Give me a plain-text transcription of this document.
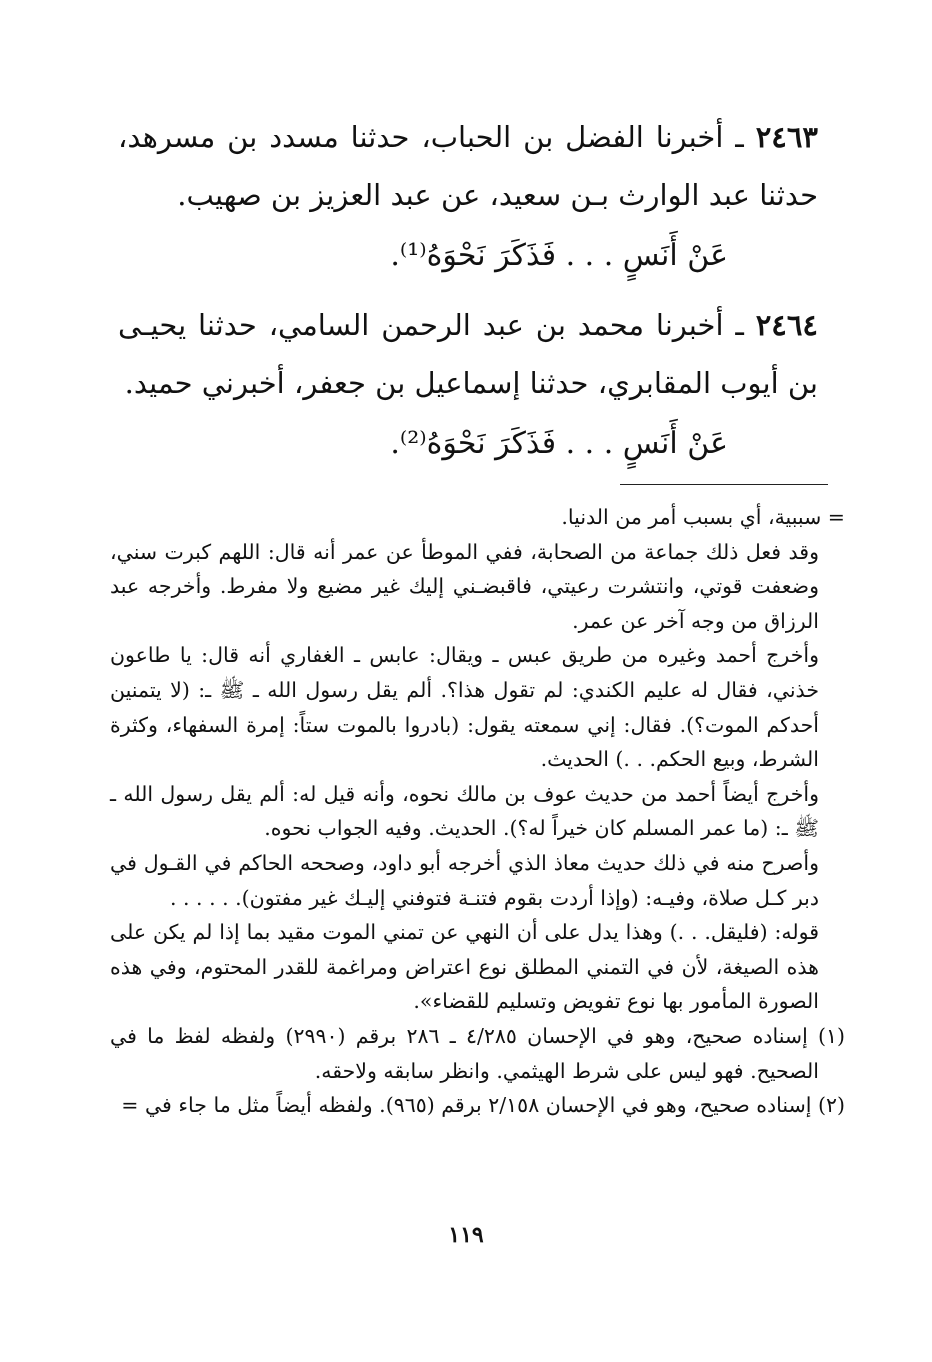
٢٤٦٣ ـ أخبرنا الفضل بن الحباب، حدثنا مسدد بن مسرهد، حدثنا عبد الوارث بـن سعيد، عن عبد العزيز بن صهيب.

عَنْ أَنَسٍ . . . فَذَكَرَ نَحْوَهُ⁽¹⁾.

٢٤٦٤ ـ أخبرنا محمد بن عبد الرحمن السامي، حدثنا يحيـى بن أيوب المقابري، حدثنا إسماعيل بن جعفر، أخبرني حميد.

عَنْ أَنَسٍ . . . فَذَكَرَ نَحْوَهُ⁽²⁾.

= سببية، أي بسبب أمر من الدنيا.

وقد فعل ذلك جماعة من الصحابة، ففي الموطأ عن عمر أنه قال: اللهم كبرت سني، وضعفت قوتي، وانتشرت رعيتي، فاقبضـني إليك غير مضيع ولا مفرط. وأخرجه عبد الرزاق من وجه آخر عن عمر.

وأخرج أحمد وغيره من طريق عبس ـ ويقال: عابس ـ الغفاري أنه قال: يا طاعون خذني، فقال له عليم الكندي: لم تقول هذا؟. ألم يقل رسول الله ـ ﷺ ـ: (لا يتمنين أحدكم الموت؟). فقال: إني سمعته يقول: (بادروا بالموت ستاً: إمرة السفهاء، وكثرة الشرط، وبيع الحكم. . .) الحديث.

وأخرج أيضاً أحمد من حديث عوف بن مالك نحوه، وأنه قيل له: ألم يقل رسول الله ـ ﷺ ـ: (ما عمر المسلم كان خيراً له؟). الحديث. وفيه الجواب نحوه.

وأصرح منه في ذلك حديث معاذ الذي أخرجه أبو داود، وصححه الحاكم في القـول في دبر كـل صلاة، وفيـه: (وإذا أردت بقوم فتنـة فتوفني إليـك غير مفتون). . . . . .

قوله: (فليقل. . .) وهذا يدل على أن النهي عن تمني الموت مقيد بما إذا لم يكن على هذه الصيغة، لأن في التمني المطلق نوع اعتراض ومراغمة للقدر المحتوم، وفي هذه الصورة المأمور بها نوع تفويض وتسليم للقضاء».

(١) إسناده صحيح، وهو في الإحسان ٤/٢٨٥ ـ ٢٨٦ برقم (٢٩٩٠) ولفظه لفظ ما في الصحيح. فهو ليس على شرط الهيثمي. وانظر سابقه ولاحقه.

(٢) إسناده صحيح، وهو في الإحسان ٢/١٥٨ برقم (٩٦٥). ولفظه أيضاً مثل ما جاء في =

١١٩
